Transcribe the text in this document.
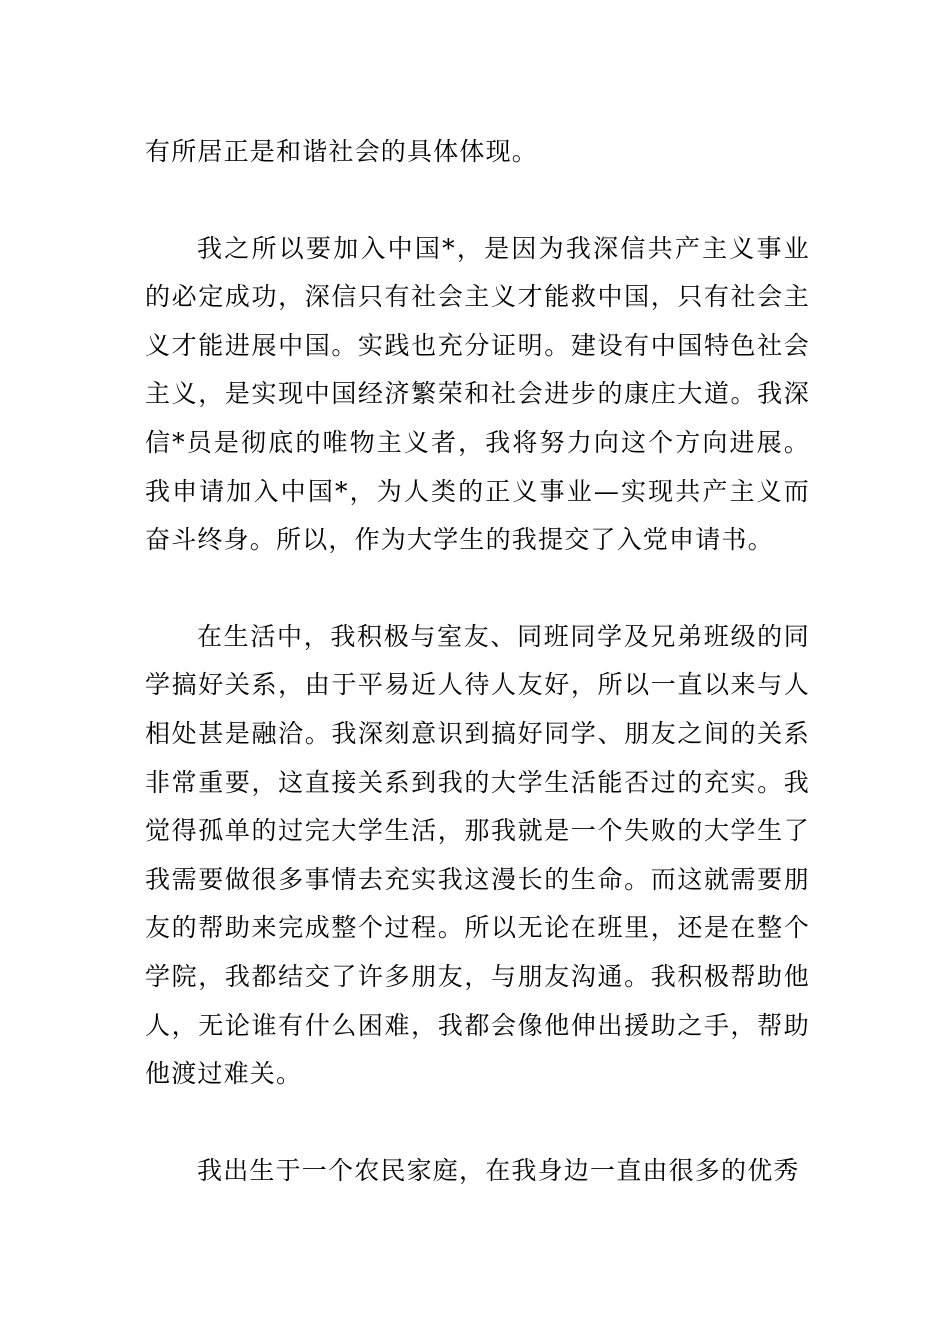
有所居正是和谐社会的具体体现。

我之所以要加入中国*，是因为我深信共产主义事业的必定成功，深信只有社会主义才能救中国，只有社会主义才能进展中国。实践也充分证明。建设有中国特色社会主义，是实现中国经济繁荣和社会进步的康庄大道。我深信*员是彻底的唯物主义者，我将努力向这个方向进展。我申请加入中国*，为人类的正义事业—实现共产主义而奋斗终身。所以，作为大学生的我提交了入党申请书。

在生活中，我积极与室友、同班同学及兄弟班级的同学搞好关系，由于平易近人待人友好，所以一直以来与人相处甚是融洽。我深刻意识到搞好同学、朋友之间的关系非常重要，这直接关系到我的大学生活能否过的充实。我觉得孤单的过完大学生活，那我就是一个失败的大学生了我需要做很多事情去充实我这漫长的生命。而这就需要朋友的帮助来完成整个过程。所以无论在班里，还是在整个学院，我都结交了许多朋友，与朋友沟通。我积极帮助他人，无论谁有什么困难，我都会像他伸出援助之手，帮助他渡过难关。

我出生于一个农民家庭，在我身边一直由很多的优秀
